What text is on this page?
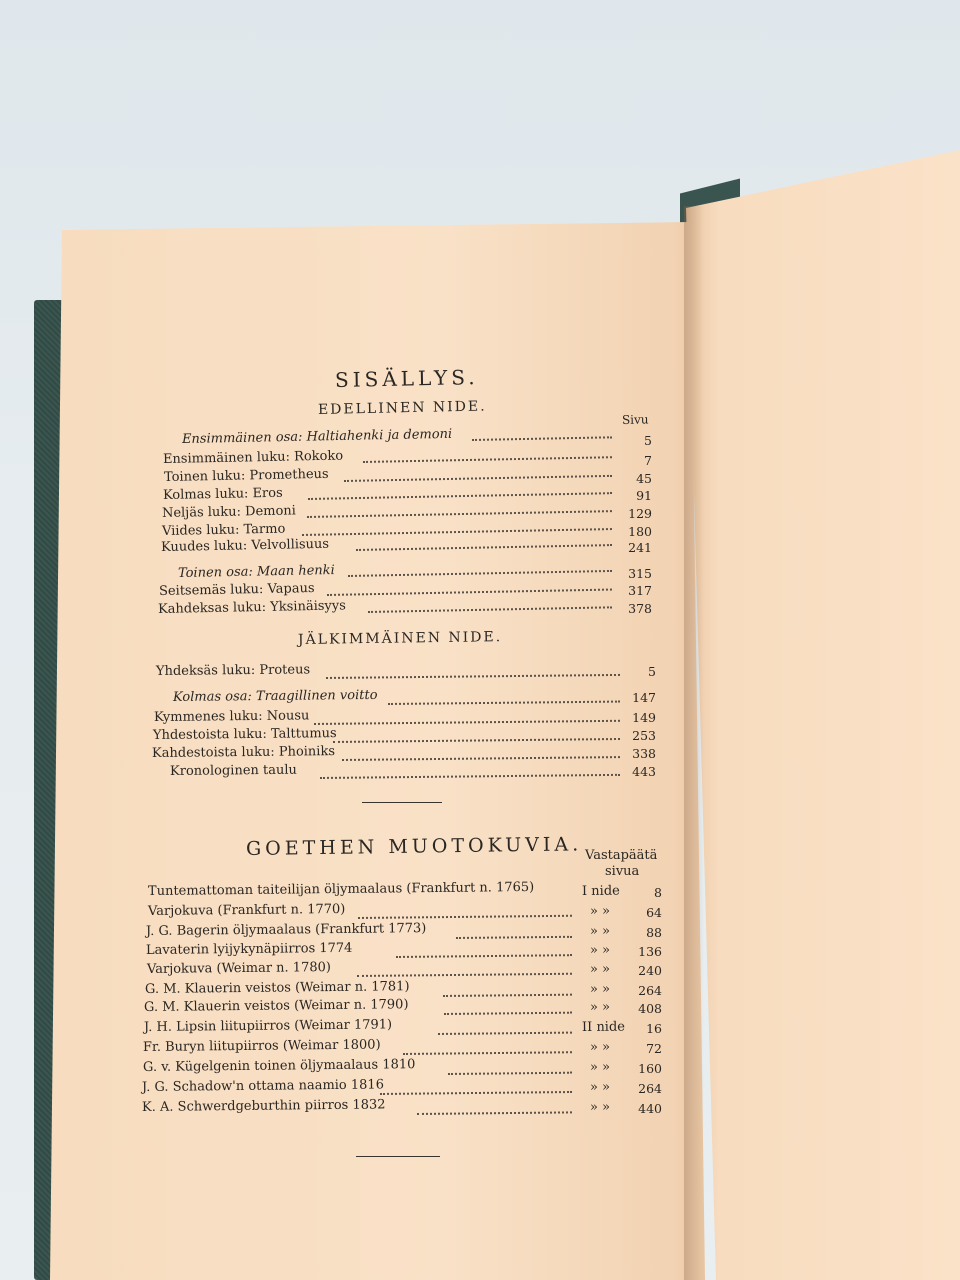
SISÄLLYS.
EDELLINEN NIDE.
Sivu
Ensimmäinen osa: Haltiahenki ja demoni	5
Ensimmäinen luku: Rokoko	7
Toinen luku: Prometheus	45
Kolmas luku: Eros	91
Neljäs luku: Demoni	129
Viides luku: Tarmo	180
Kuudes luku: Velvollisuus	241
Toinen osa: Maan henki	315
Seitsemäs luku: Vapaus	317
Kahdeksas luku: Yksinäisyys	378
JÄLKIMMÄINEN NIDE.
Yhdeksäs luku: Proteus	5
Kolmas osa: Traagillinen voitto	147
Kymmenes luku: Nousu	149
Yhdestoista luku: Talttumus	253
Kahdestoista luku: Phoiniks	338
Kronologinen taulu	443
GOETHEN MUOTOKUVIA. Vastapäätä
sivua
Tuntemattoman taiteilijan öljymaalaus (Frankfurt n. 1765)	I nide	8
Varjokuva (Frankfurt n. 1770)	» »	64
J. G. Bagerin öljymaalaus (Frankfurt 1773)	» »	88
Lavaterin lyijykynäpiirros 1774	» »	136
Varjokuva (Weimar n. 1780)	» »	240
G. M. Klauerin veistos (Weimar n. 1781)	» »	264
G. M. Klauerin veistos (Weimar n. 1790)	» »	408
J. H. Lipsin liitupiirros (Weimar 1791)	II nide	16
Fr. Buryn liitupiirros (Weimar 1800)	» »	72
G. v. Kügelgenin toinen öljymaalaus 1810	» »	160
J. G. Schadow'n ottama naamio 1816	» »	264
K. A. Schwerdgeburthin piirros 1832	» »	440
